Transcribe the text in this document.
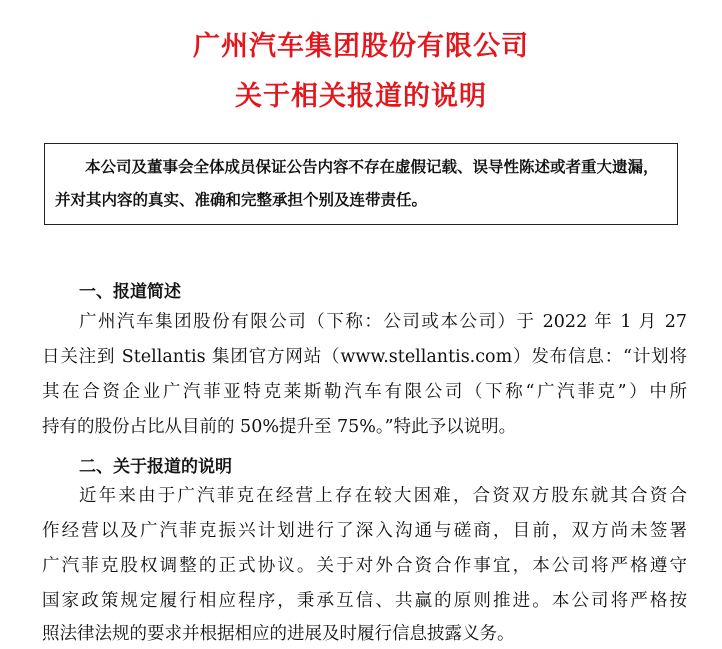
广州汽车集团股份有限公司
关于相关报道的说明
本公司及董事会全体成员保证公告内容不存在虚假记载、误导性陈述或者重大遗漏，
并对其内容的真实、准确和完整承担个别及连带责任。
一、报道简述
广州汽车集团股份有限公司（下称：公司或本公司）于 2022 年 1 月 27
日关注到 Stellantis 集团官方网站（www.stellantis.com）发布信息：“计划将
其在合资企业广汽菲亚特克莱斯勒汽车有限公司（下称“广汽菲克”）中所
持有的股份占比从目前的 50%提升至 75%。”特此予以说明。
二、关于报道的说明
近年来由于广汽菲克在经营上存在较大困难，合资双方股东就其合资合
作经营以及广汽菲克振兴计划进行了深入沟通与磋商，目前，双方尚未签署
广汽菲克股权调整的正式协议。关于对外合资合作事宜，本公司将严格遵守
国家政策规定履行相应程序，秉承互信、共赢的原则推进。本公司将严格按
照法律法规的要求并根据相应的进展及时履行信息披露义务。
